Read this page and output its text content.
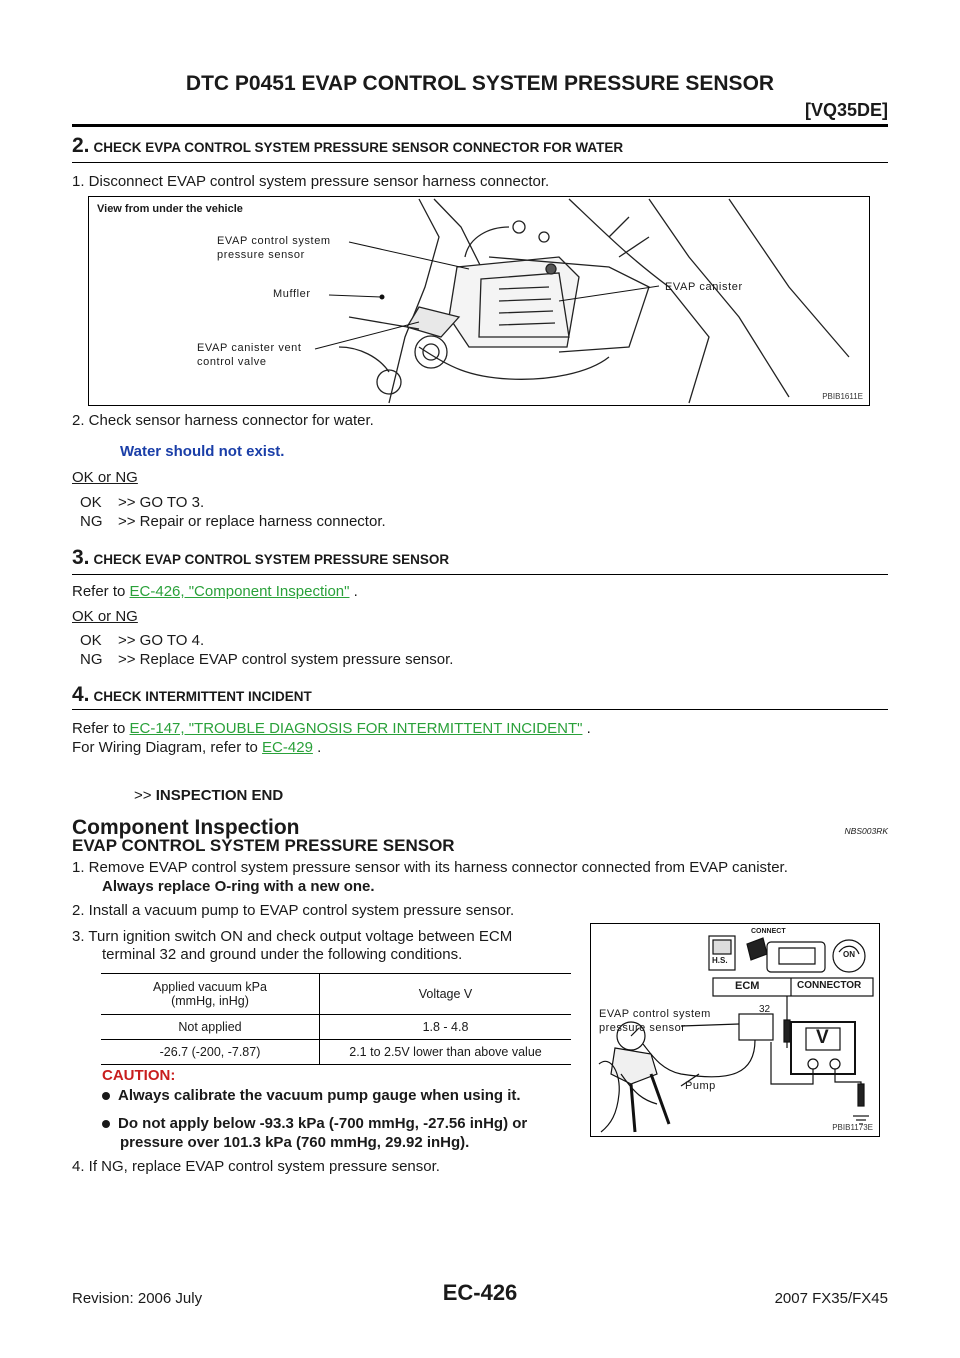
DTC P0451 EVAP CONTROL SYSTEM PRESSURE SENSOR
[VQ35DE]
2. CHECK EVPA CONTROL SYSTEM PRESSURE SENSOR CONNECTOR FOR WATER
1. Disconnect EVAP control system pressure sensor harness connector.
View from under the vehicle
EVAP control system
pressure sensor
Muffler
EVAP canister
EVAP canister vent
control valve
PBIB1611E
2. Check sensor harness connector for water.
Water should not exist.
OK or NG
OK >> GO TO 3.
NG >> Repair or replace harness connector.
3. CHECK EVAP CONTROL SYSTEM PRESSURE SENSOR
Refer to EC-426, "Component Inspection" .
OK or NG
OK >> GO TO 4.
NG >> Replace EVAP control system pressure sensor.
4. CHECK INTERMITTENT INCIDENT
Refer to EC-147, "TROUBLE DIAGNOSIS FOR INTERMITTENT INCIDENT" .
For Wiring Diagram, refer to EC-429 .
>> INSPECTION END
Component Inspection	NBS003RK
EVAP CONTROL SYSTEM PRESSURE SENSOR
1. Remove EVAP control system pressure sensor with its harness connector connected from EVAP canister.
Always replace O-ring with a new one.
2. Install a vacuum pump to EVAP control system pressure sensor.
3. Turn ignition switch ON and check output voltage between ECM
terminal 32 and ground under the following conditions.
Applied vacuum kPa
(mmHg, inHg)	Voltage V
Not applied	1.8 - 4.8
-26.7 (-200, -7.87)	2.1 to 2.5V lower than above value
CAUTION:
Always calibrate the vacuum pump gauge when using it.
Do not apply below -93.3 kPa (-700 mmHg, -27.56 inHg) or
pressure over 101.3 kPa (760 mmHg, 29.92 inHg).
4. If NG, replace EVAP control system pressure sensor.
CONNECT
H.S.
ON
ECM	CONNECTOR
EVAP control system
pressure sensor
32
V
Pump
PBIB1173E
Revision: 2006 July	EC-426	2007 FX35/FX45
